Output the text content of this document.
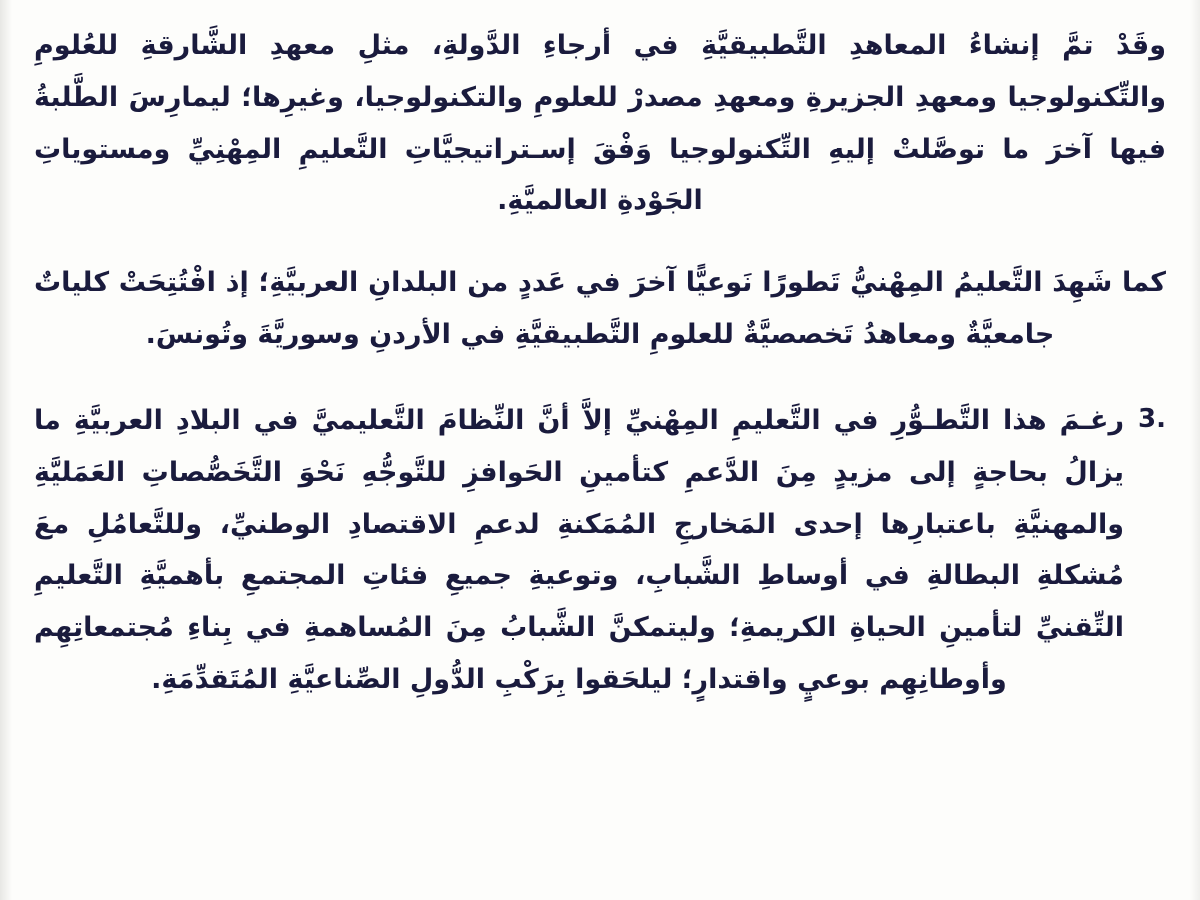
وقَدْ تمَّ إنشاءُ المعاهدِ التَّطبيقيَّةِ في أرجاءِ الدَّولةِ، مثلِ معهدِ الشَّارقةِ للعُلومِ والتِّكنولوجيا ومعهدِ الجزيرةِ ومعهدِ مصدرْ للعلومِ والتكنولوجيا، وغيرِها؛ ليمارِسَ الطَّلبةُ فيها آخرَ ما توصَّلتْ إليهِ التِّكنولوجيا وَفْقَ إسـتراتيجيَّاتِ التَّعليمِ المِهْنِيِّ ومستوياتِ الجَوْدةِ العالميَّةِ.

كما شَهِدَ التَّعليمُ المِهْنيُّ تَطورًا نَوعيًّا آخرَ في عَددٍ من البلدانِ العربيَّةِ؛ إذ افْتُتِحَتْ كلياتٌ جامعيَّةٌ ومعاهدُ تَخصصيَّةٌ للعلومِ التَّطبيقيَّةِ في الأردنِ وسوريَّةَ وتُونسَ.

.3

رغـمَ هذا التَّطـوُّرِ في التَّعليمِ المِهْنيِّ إلاَّ أنَّ النِّظامَ التَّعليميَّ في البلادِ العربيَّةِ ما يزالُ بحاجةٍ إلى مزيدٍ مِنَ الدَّعمِ كتأمينِ الحَوافزِ للتَّوجُّهِ نَحْوَ التَّخَصُّصاتِ العَمَليَّةِ والمهنيَّةِ باعتبارِها إحدى المَخارجِ المُمَكنةِ لدعمِ الاقتصادِ الوطنيِّ، وللتَّعامُلِ معَ مُشكلةِ البطالةِ في أوساطِ الشَّبابِ، وتوعيةِ جميعِ فئاتِ المجتمعِ بأهميَّةِ التَّعليمِ التِّقنيِّ لتأمينِ الحياةِ الكريمةِ؛ وليتمكنَّ الشَّبابُ مِنَ المُساهمةِ في بِناءِ مُجتمعاتِهِم وأوطانِهِم بوعيٍ واقتدارٍ؛ ليلحَقوا بِرَكْبِ الدُّولِ الصِّناعيَّةِ المُتَقدِّمَةِ.
